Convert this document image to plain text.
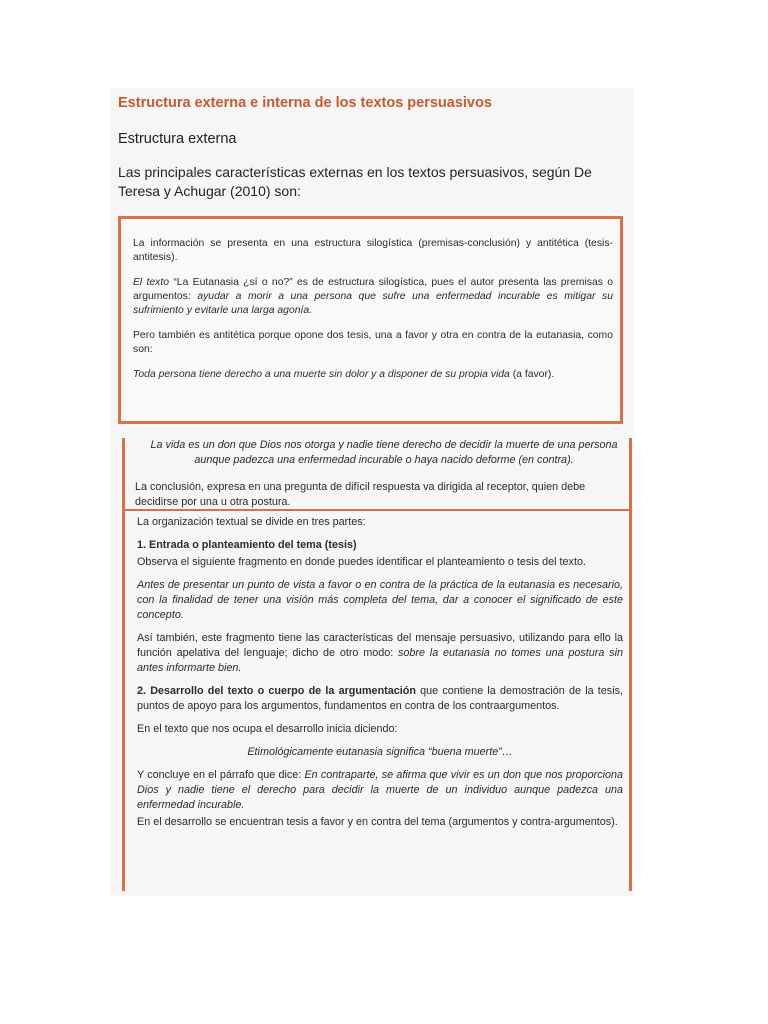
Estructura externa e interna de los textos persuasivos
Estructura externa
Las principales características externas en los textos persuasivos, según De Teresa y Achugar (2010) son:

La información se presenta en una estructura silogística (premisas-conclusión) y antitética (tesis-antitesis).

El texto “La Eutanasia ¿sí o no?” es de estructura silogística, pues el autor presenta las premisas o argumentos: ayudar a morir a una persona que sufre una enfermedad incurable es mitigar su sufrimiento y evitarle una larga agonía.

Pero también es antitética porque opone dos tesis, una a favor y otra en contra de la eutanasia, como son:

Toda persona tiene derecho a una muerte sin dolor y a disponer de su propia vida (a favor).

La vida es un don que Dios nos otorga y nadie tiene derecho de decidir la muerte de una persona aunque padezca una enfermedad incurable o haya nacido deforme (en contra).
La conclusión, expresa en una pregunta de difícil respuesta va dirigida al receptor, quien debe decidirse por una u otra postura.

La organización textual se divide en tres partes:

1. Entrada o planteamiento del tema (tesis)

Observa el siguiente fragmento en donde puedes identificar el planteamiento o tesis del texto.

Antes de presentar un punto de vista a favor o en contra de la práctica de la eutanasia es necesario, con la finalidad de tener una visión más completa del tema, dar a conocer el significado de este concepto.

Así también, este fragmento tiene las características del mensaje persuasivo, utilizando para ello la función apelativa del lenguaje; dicho de otro modo: sobre la eutanasia no tomes una postura sin antes informarte bien.

2. Desarrollo del texto o cuerpo de la argumentación que contiene la demostración de la tesis, puntos de apoyo para los argumentos, fundamentos en contra de los contraargumentos.

En el texto que nos ocupa el desarrollo inicia diciendo:

Etimológicamente eutanasia significa “buena muerte”…

Y concluye en el párrafo que dice: En contraparte, se afirma que vivir es un don que nos proporciona Dios y nadie tiene el derecho para decidir la muerte de un individuo aunque padezca una enfermedad incurable.

En el desarrollo se encuentran tesis a favor y en contra del tema (argumentos y contra-argumentos).
